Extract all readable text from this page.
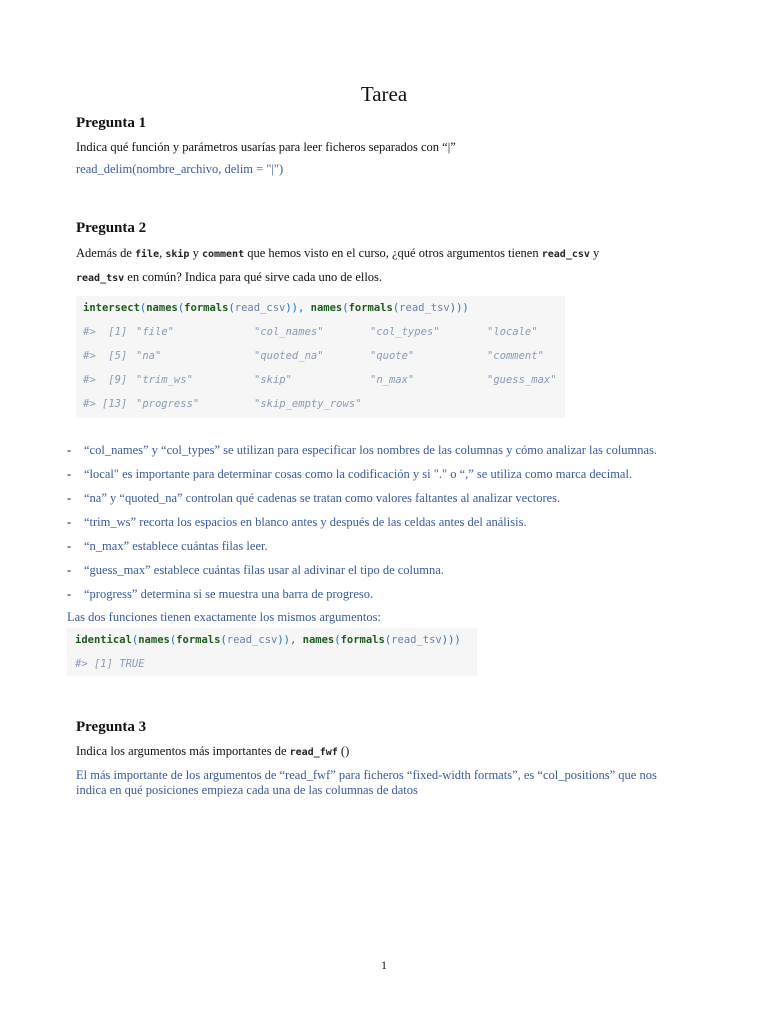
Tarea
Pregunta 1
Indica qué función y parámetros usarías para leer ficheros separados con “|”
read_delim(nombre_archivo, delim = "|")
Pregunta 2
Además de file, skip y comment que hemos visto en el curso, ¿qué otros argumentos tienen read_csv y
read_tsv en común? Indica para qué sirve cada uno de ellos.
intersect(names(formals(read_csv)), names(formals(read_tsv)))
#>  [1] "file"	"col_names"	"col_types"	"locale"
#>  [5] "na"	"quoted_na"	"quote"	"comment"
#>  [9] "trim_ws"	"skip"	"n_max"	"guess_max"
#> [13] "progress"	"skip_empty_rows"
- “col_names” y “col_types” se utilizan para especificar los nombres de las columnas y cómo analizar las columnas.
- “local" es importante para determinar cosas como la codificación y si "." o “,” se utiliza como marca decimal.
- “na” y “quoted_na” controlan qué cadenas se tratan como valores faltantes al analizar vectores.
- “trim_ws” recorta los espacios en blanco antes y después de las celdas antes del análisis.
- “n_max” establece cuántas filas leer.
- “guess_max” establece cuántas filas usar al adivinar el tipo de columna.
- “progress” determina si se muestra una barra de progreso.
Las dos funciones tienen exactamente los mismos argumentos:
identical(names(formals(read_csv)), names(formals(read_tsv)))
#> [1] TRUE
Pregunta 3
Indica los argumentos más importantes de read_fwf ()
El más importante de los argumentos de “read_fwf” para ficheros “fixed-width formats”, es “col_positions” que nos
indica en qué posiciones empieza cada una de las columnas de datos
1
